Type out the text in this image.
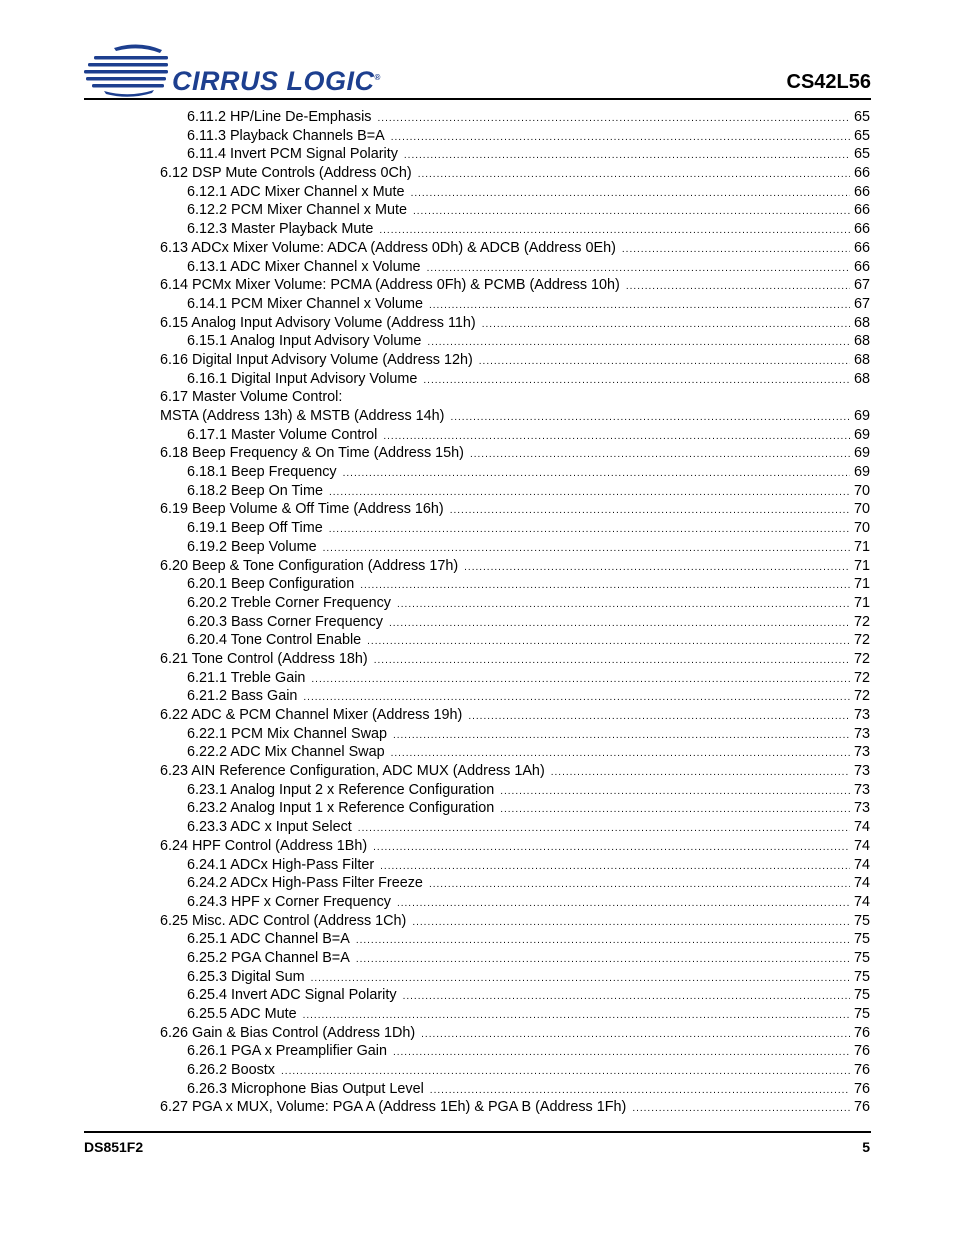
CIRRUS LOGIC®	CS42L56
6.11.2 HP/Line De-Emphasis .....	65
6.11.3 Playback Channels B=A .....	65
6.11.4 Invert PCM Signal Polarity .....	65
6.12 DSP Mute Controls (Address 0Ch) .....	66
6.12.1 ADC Mixer Channel x Mute .....	66
6.12.2 PCM Mixer Channel x Mute .....	66
6.12.3 Master Playback Mute .....	66
6.13 ADCx Mixer Volume: ADCA (Address 0Dh) & ADCB (Address 0Eh) .....	66
6.13.1 ADC Mixer Channel x Volume .....	66
6.14 PCMx Mixer Volume: PCMA (Address 0Fh) & PCMB (Address 10h) .....	67
6.14.1 PCM Mixer Channel x Volume .....	67
6.15 Analog Input Advisory Volume (Address 11h) .....	68
6.15.1 Analog Input Advisory Volume .....	68
6.16 Digital Input Advisory Volume (Address 12h) .....	68
6.16.1 Digital Input Advisory Volume .....	68
6.17 Master Volume Control:
MSTA (Address 13h) & MSTB (Address 14h) .....	69
6.17.1 Master Volume Control .....	69
6.18 Beep Frequency & On Time (Address 15h) .....	69
6.18.1 Beep Frequency .....	69
6.18.2 Beep On Time .....	70
6.19 Beep Volume & Off Time (Address 16h) .....	70
6.19.1 Beep Off Time .....	70
6.19.2 Beep Volume .....	71
6.20 Beep & Tone Configuration (Address 17h) .....	71
6.20.1 Beep Configuration .....	71
6.20.2 Treble Corner Frequency .....	71
6.20.3 Bass Corner Frequency .....	72
6.20.4 Tone Control Enable .....	72
6.21 Tone Control (Address 18h) .....	72
6.21.1 Treble Gain .....	72
6.21.2 Bass Gain .....	72
6.22 ADC & PCM Channel Mixer (Address 19h) .....	73
6.22.1 PCM Mix Channel Swap .....	73
6.22.2 ADC Mix Channel Swap .....	73
6.23 AIN Reference Configuration, ADC MUX (Address 1Ah) .....	73
6.23.1 Analog Input 2 x Reference Configuration .....	73
6.23.2 Analog Input 1 x Reference Configuration .....	73
6.23.3 ADC x Input Select .....	74
6.24 HPF Control (Address 1Bh) .....	74
6.24.1 ADCx High-Pass Filter .....	74
6.24.2 ADCx High-Pass Filter Freeze .....	74
6.24.3 HPF x Corner Frequency .....	74
6.25 Misc. ADC Control (Address 1Ch) .....	75
6.25.1 ADC Channel B=A .....	75
6.25.2 PGA Channel B=A .....	75
6.25.3 Digital Sum .....	75
6.25.4 Invert ADC Signal Polarity .....	75
6.25.5 ADC Mute .....	75
6.26 Gain & Bias Control (Address 1Dh) .....	76
6.26.1 PGA x Preamplifier Gain .....	76
6.26.2 Boostx .....	76
6.26.3 Microphone Bias Output Level .....	76
6.27 PGA x MUX, Volume: PGA A (Address 1Eh) & PGA B (Address 1Fh) .....	76
DS851F2	5
